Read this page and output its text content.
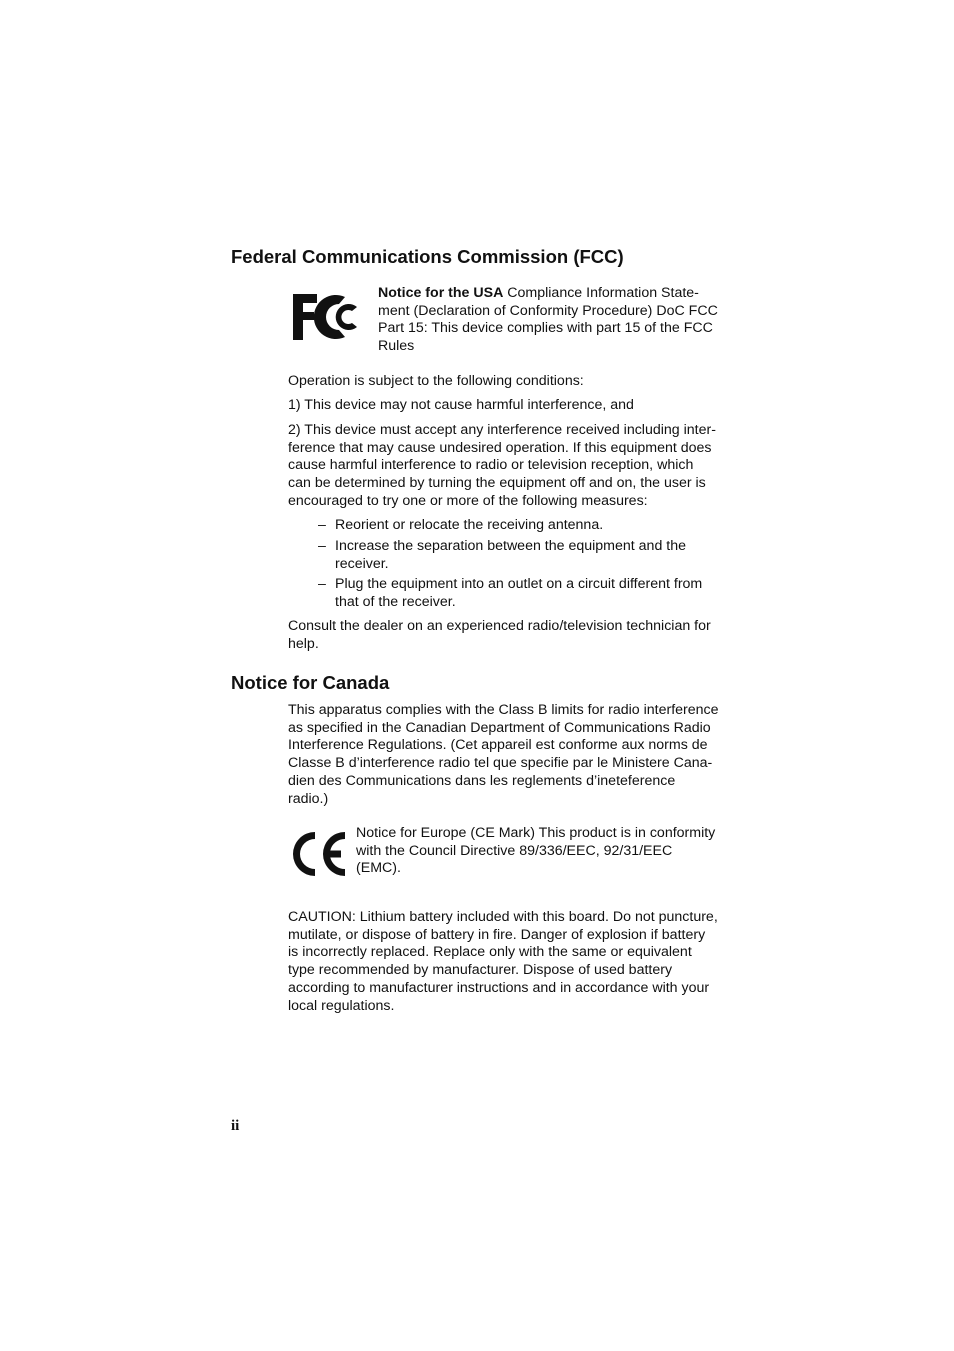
Federal Communications Commission (FCC)

Notice for the USA Compliance Information State-

ment (Declaration of Conformity Procedure) DoC FCC

Part 15: This device complies with part 15 of the FCC

Rules

Operation is subject to the following conditions:

1) This device may not cause harmful interference, and

2) This device must accept any interference received including inter-

ference that may cause undesired operation. If this equipment does

cause harmful interference to radio or television reception, which

can be determined by turning the equipment off and on, the user is

encouraged to try one or more of the following measures:

– Reorient or relocate the receiving antenna.

– Increase the separation between the equipment and the

receiver.

– Plug the equipment into an outlet on a circuit different from

that of the receiver.

Consult the dealer on an experienced radio/television technician for

help.

Notice for Canada

This apparatus complies with the Class B limits for radio interference

as specified in the Canadian Department of Communications Radio

Interference Regulations. (Cet appareil est conforme aux norms de

Classe B d’interference radio tel que specifie par le Ministere Cana-

dien des Communications dans les reglements d’ineteference

radio.)

Notice for Europe (CE Mark) This product is in conformity

with the Council Directive 89/336/EEC, 92/31/EEC

(EMC).

CAUTION: Lithium battery included with this board. Do not puncture,

mutilate, or dispose of battery in fire. Danger of explosion if battery

is incorrectly replaced. Replace only with the same or equivalent

type recommended by manufacturer. Dispose of used battery

according to manufacturer instructions and in accordance with your

local regulations.

ii
